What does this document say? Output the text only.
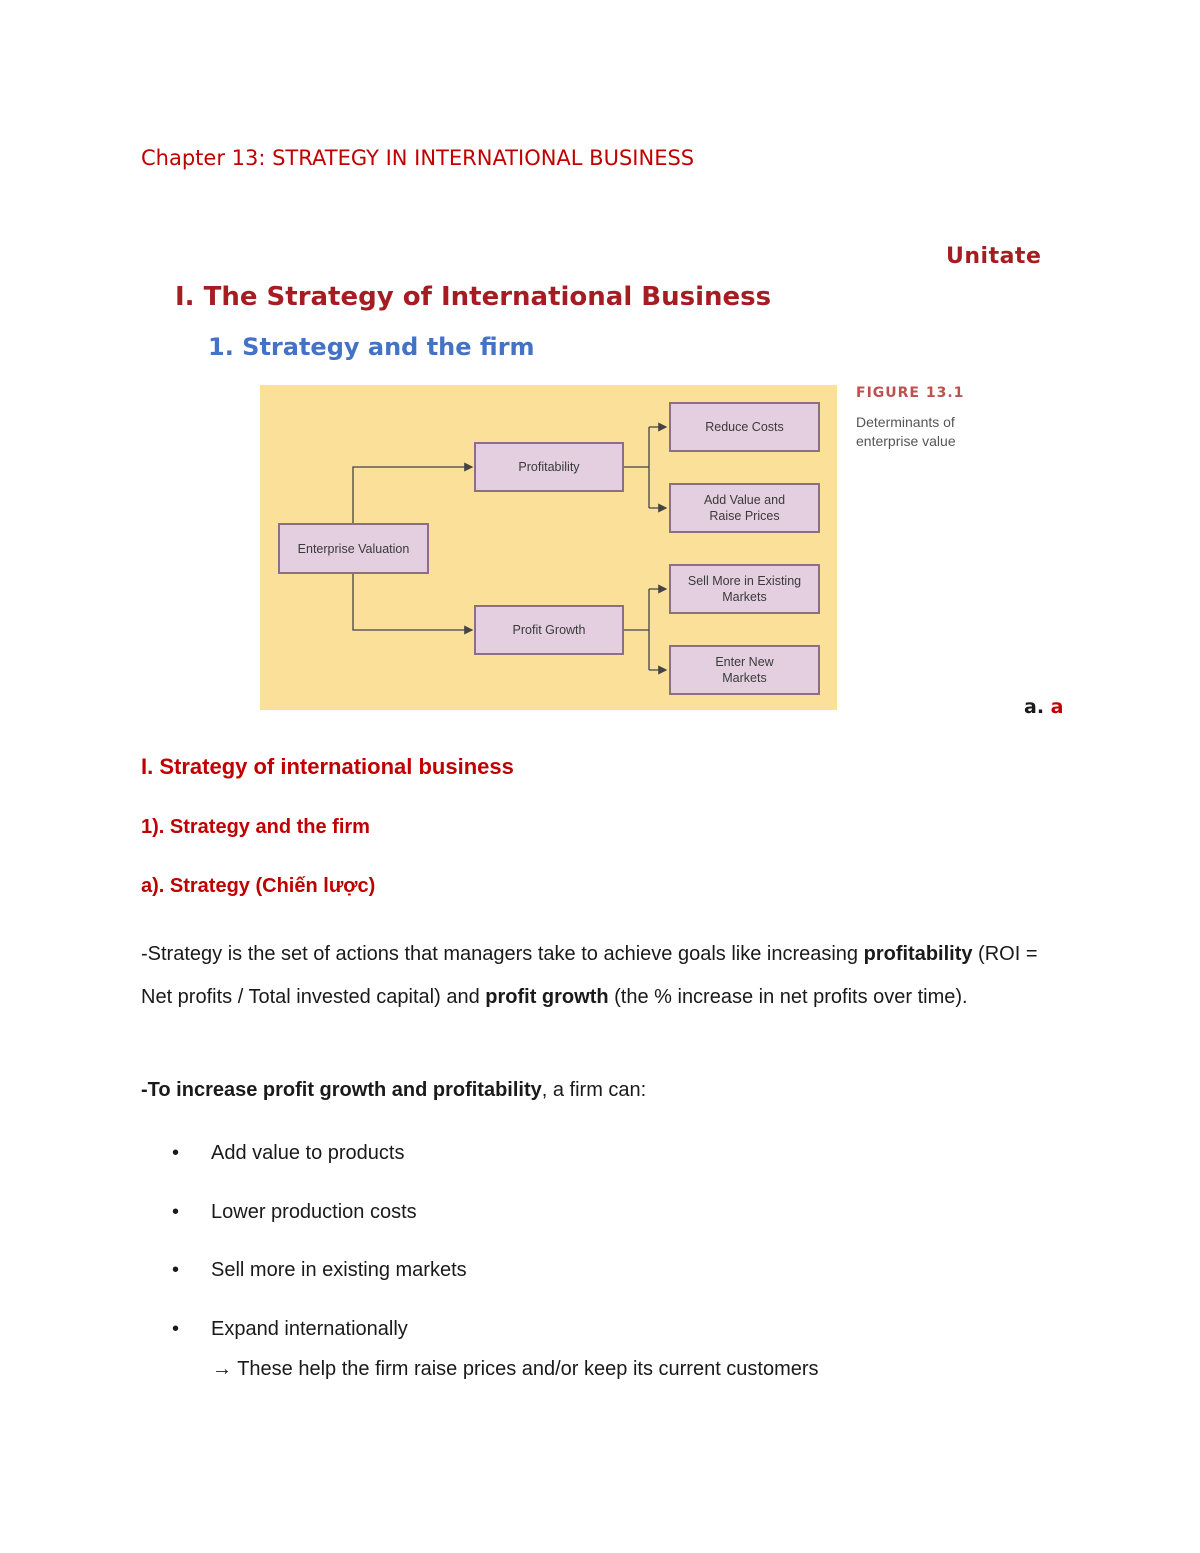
Chapter 13: STRATEGY IN INTERNATIONAL BUSINESS
Unitate
I. The Strategy of International Business
1. Strategy and the firm
Enterprise Valuation
Profitability
Profit Growth
Reduce Costs
Add Value and Raise Prices
Sell More in Existing Markets
Enter New Markets
FIGURE 13.1
Determinants of enterprise value
a. a
I. Strategy of international business
1). Strategy and the firm
a). Strategy (Chiến lược)
-Strategy is the set of actions that managers take to achieve goals like increasing profitability (ROI = Net profits / Total invested capital) and profit growth (the % increase in net profits over time).
-To increase profit growth and profitability, a firm can:
• Add value to products
• Lower production costs
• Sell more in existing markets
• Expand internationally
→ These help the firm raise prices and/or keep its current customers
